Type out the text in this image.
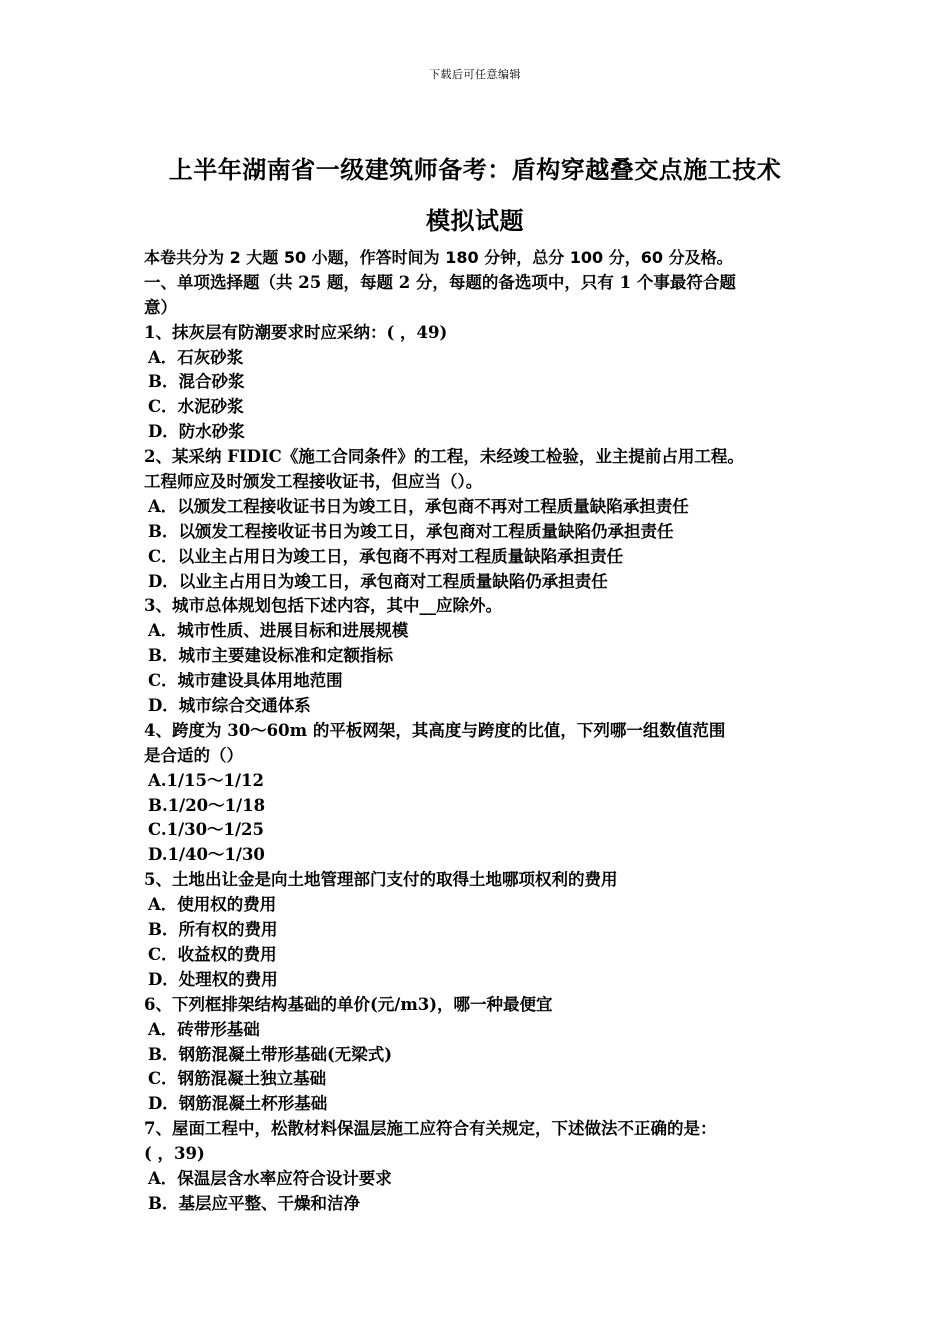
下载后可任意编辑
上半年湖南省一级建筑师备考：盾构穿越叠交点施工技术
模拟试题
本卷共分为 2 大题 50 小题，作答时间为 180 分钟，总分 100 分，60 分及格。
一、单项选择题（共 25 题，每题 2 分，每题的备选项中，只有 1 个事最符合题
意）
1、抹灰层有防潮要求时应采纳：( ，49)
A．石灰砂浆
B．混合砂浆
C．水泥砂浆
D．防水砂浆
2、某采纳 FIDIC《施工合同条件》的工程，未经竣工检验，业主提前占用工程。
工程师应及时颁发工程接收证书，但应当（）。
A．以颁发工程接收证书日为竣工日，承包商不再对工程质量缺陷承担责任
B．以颁发工程接收证书日为竣工日，承包商对工程质量缺陷仍承担责任
C．以业主占用日为竣工日，承包商不再对工程质量缺陷承担责任
D．以业主占用日为竣工日，承包商对工程质量缺陷仍承担责任
3、城市总体规划包括下述内容，其中__应除外。
A．城市性质、进展目标和进展规模
B．城市主要建设标准和定额指标
C．城市建设具体用地范围
D．城市综合交通体系
4、跨度为 30～60m 的平板网架，其高度与跨度的比值，下列哪一组数值范围
是合适的（）
A.1/15～1/12
B.1/20～1/18
C.1/30～1/25
D.1/40～1/30
5、土地出让金是向土地管理部门支付的取得土地哪项权利的费用
A．使用权的费用
B．所有权的费用
C．收益权的费用
D．处理权的费用
6、下列框排架结构基础的单价(元/m3)，哪一种最便宜
A．砖带形基础
B．钢筋混凝土带形基础(无梁式)
C．钢筋混凝土独立基础
D．钢筋混凝土杯形基础
7、屋面工程中，松散材料保温层施工应符合有关规定，下述做法不正确的是：
( ，39)
A．保温层含水率应符合设计要求
B．基层应平整、干燥和洁净
